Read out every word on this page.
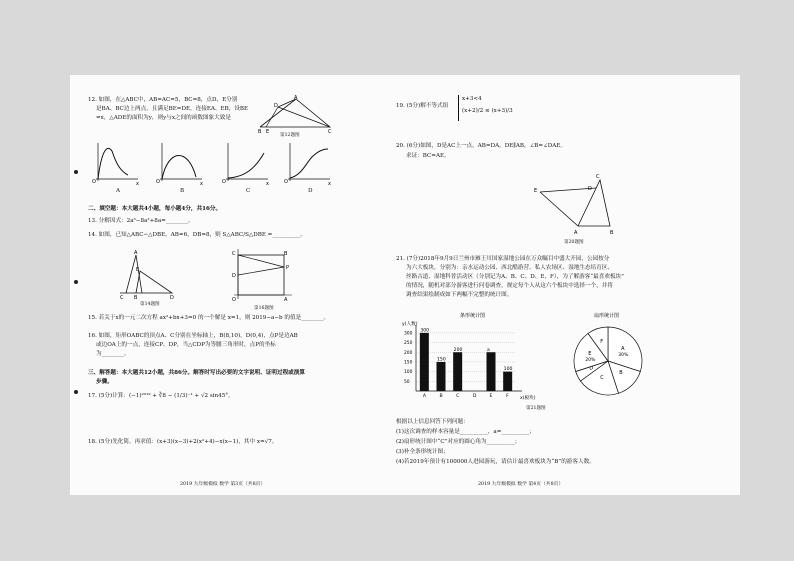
12. 如图，在△ABC中，AB=AC=5，BC=8，点D、E分别
是BA、BC边上两点，且满足BE=DE，连接EA、EB，设BE
=x，△ADE的面积为y，则y与x之间的函数图象大致是
A
B E	C
D
第12题图
O	x	O	x	O	x	O	x
A	B	C	D
二、填空题：本大题共4小题，每小题4分，共16分。
13. 分解因式：2a³−8a²+8a=________。
14. 如图，已知△ABC∽△DBE，AB=6，DB=8，则 S△ABC/S△DBE =__________。
A
E
C B	D
第14题图
C	B
D
P
O	A
第16题图
15. 若关于x的一元二次方程 ax²+bx+3=0 的一个解是 x=1，则 2019−a−b 的值是________。
16. 如图，矩形OABC的顶点A、C分别在坐标轴上，B(8,10)，D(0,4)，点P是边AB
或边OA上的一点，连接CP、DP，当△CDP为等腰三角形时，点P的坐标
为________。
三、解答题：本大题共12小题，共86分。解答时写出必要的文字说明、证明过程或演算
步骤。
17. (5分)计算：(−1)²⁰¹⁹ + ∛8 − (1/3)⁻¹ + √2 sin45°。
18. (5分)先化简，再求值：(x+3)(x−3)+2(x²+4)−x(x−1)，其中 x=√7。
2019 九年级模拟 数学 第3页（共8页）
19. (5分)解不等式组
x+3<4
(x+2)/2 ≤ (x+3)/3
20. (6分)如图，D是AC上一点，AB=DA，DE∥AB，∠B=∠DAE。
求证：BC=AE。
E
C
D
A	B
第20题图
21. (7分)2018年9月9日兰州市雁王川国家湿地公园在万众瞩目中盛大开园，公园按分
为六大板块，分别为：亲水运动公园、西北酷游营、私人农场区、湿地生态培育区、
丝路古道、湿地科普活动区（分别记为A、B、C、D、E、F），为了解游客“最喜欢板块”
的情况，随机对部分游客进行问卷调查，规定每个人从这六个板块中选择一个，并将
调查结果绘制成如下两幅不完整的统计图。
条形统计图
y(人数)
x(板块)
50
100
150
200
250
300
A
300
B
150
C
200
D	E
a
F
100
扇形统计图
A
30%
B
C
D
E
20%
F
第21题图
根据以上信息回答下列问题：
(1)这次调查的样本容量是__________，a=__________；
(2)扇形统计图中“C”对应的圆心角为__________；
(3)补全条形统计图；
(4)若2019年预计有100000人进园游玩，请估计最喜欢板块为“B”的游客人数。
2019 九年级模拟 数学 第4页（共8页）
